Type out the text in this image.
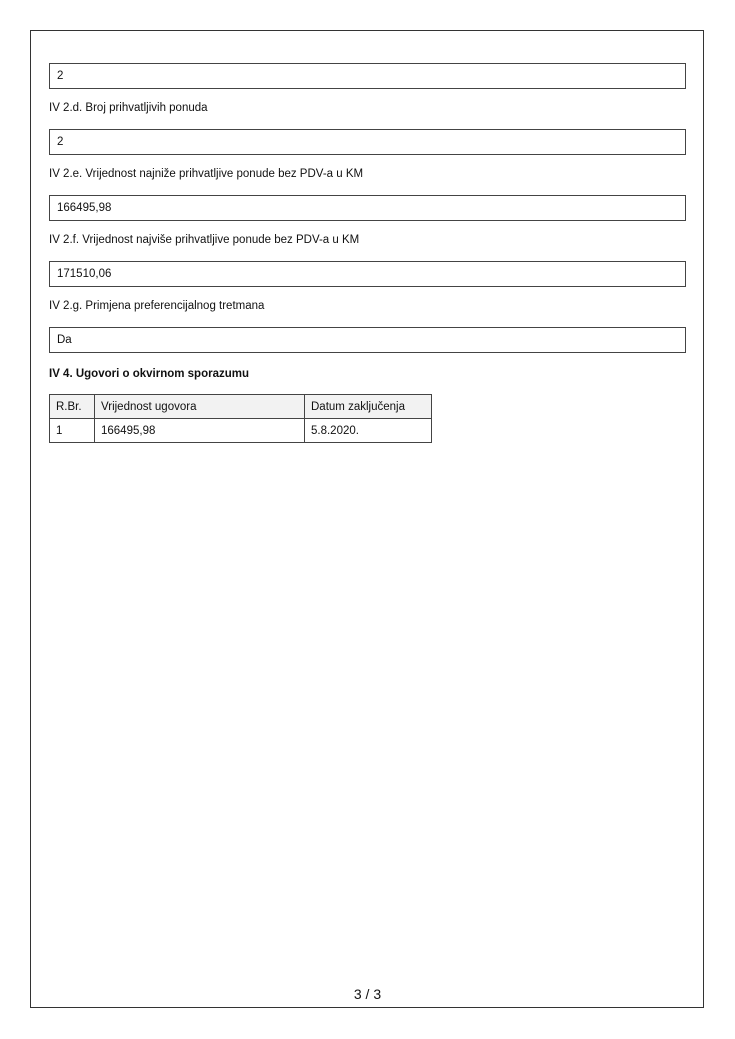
2
IV 2.d. Broj prihvatljivih ponuda
2
IV 2.e. Vrijednost najniže prihvatljive ponude bez PDV-a u KM
166495,98
IV 2.f. Vrijednost najviše prihvatljive ponude bez PDV-a u KM
171510,06
IV 2.g. Primjena preferencijalnog tretmana
Da
IV 4. Ugovori o okvirnom sporazumu
R.Br.	Vrijednost ugovora	Datum zaključenja
1	166495,98	5.8.2020.
3 / 3
